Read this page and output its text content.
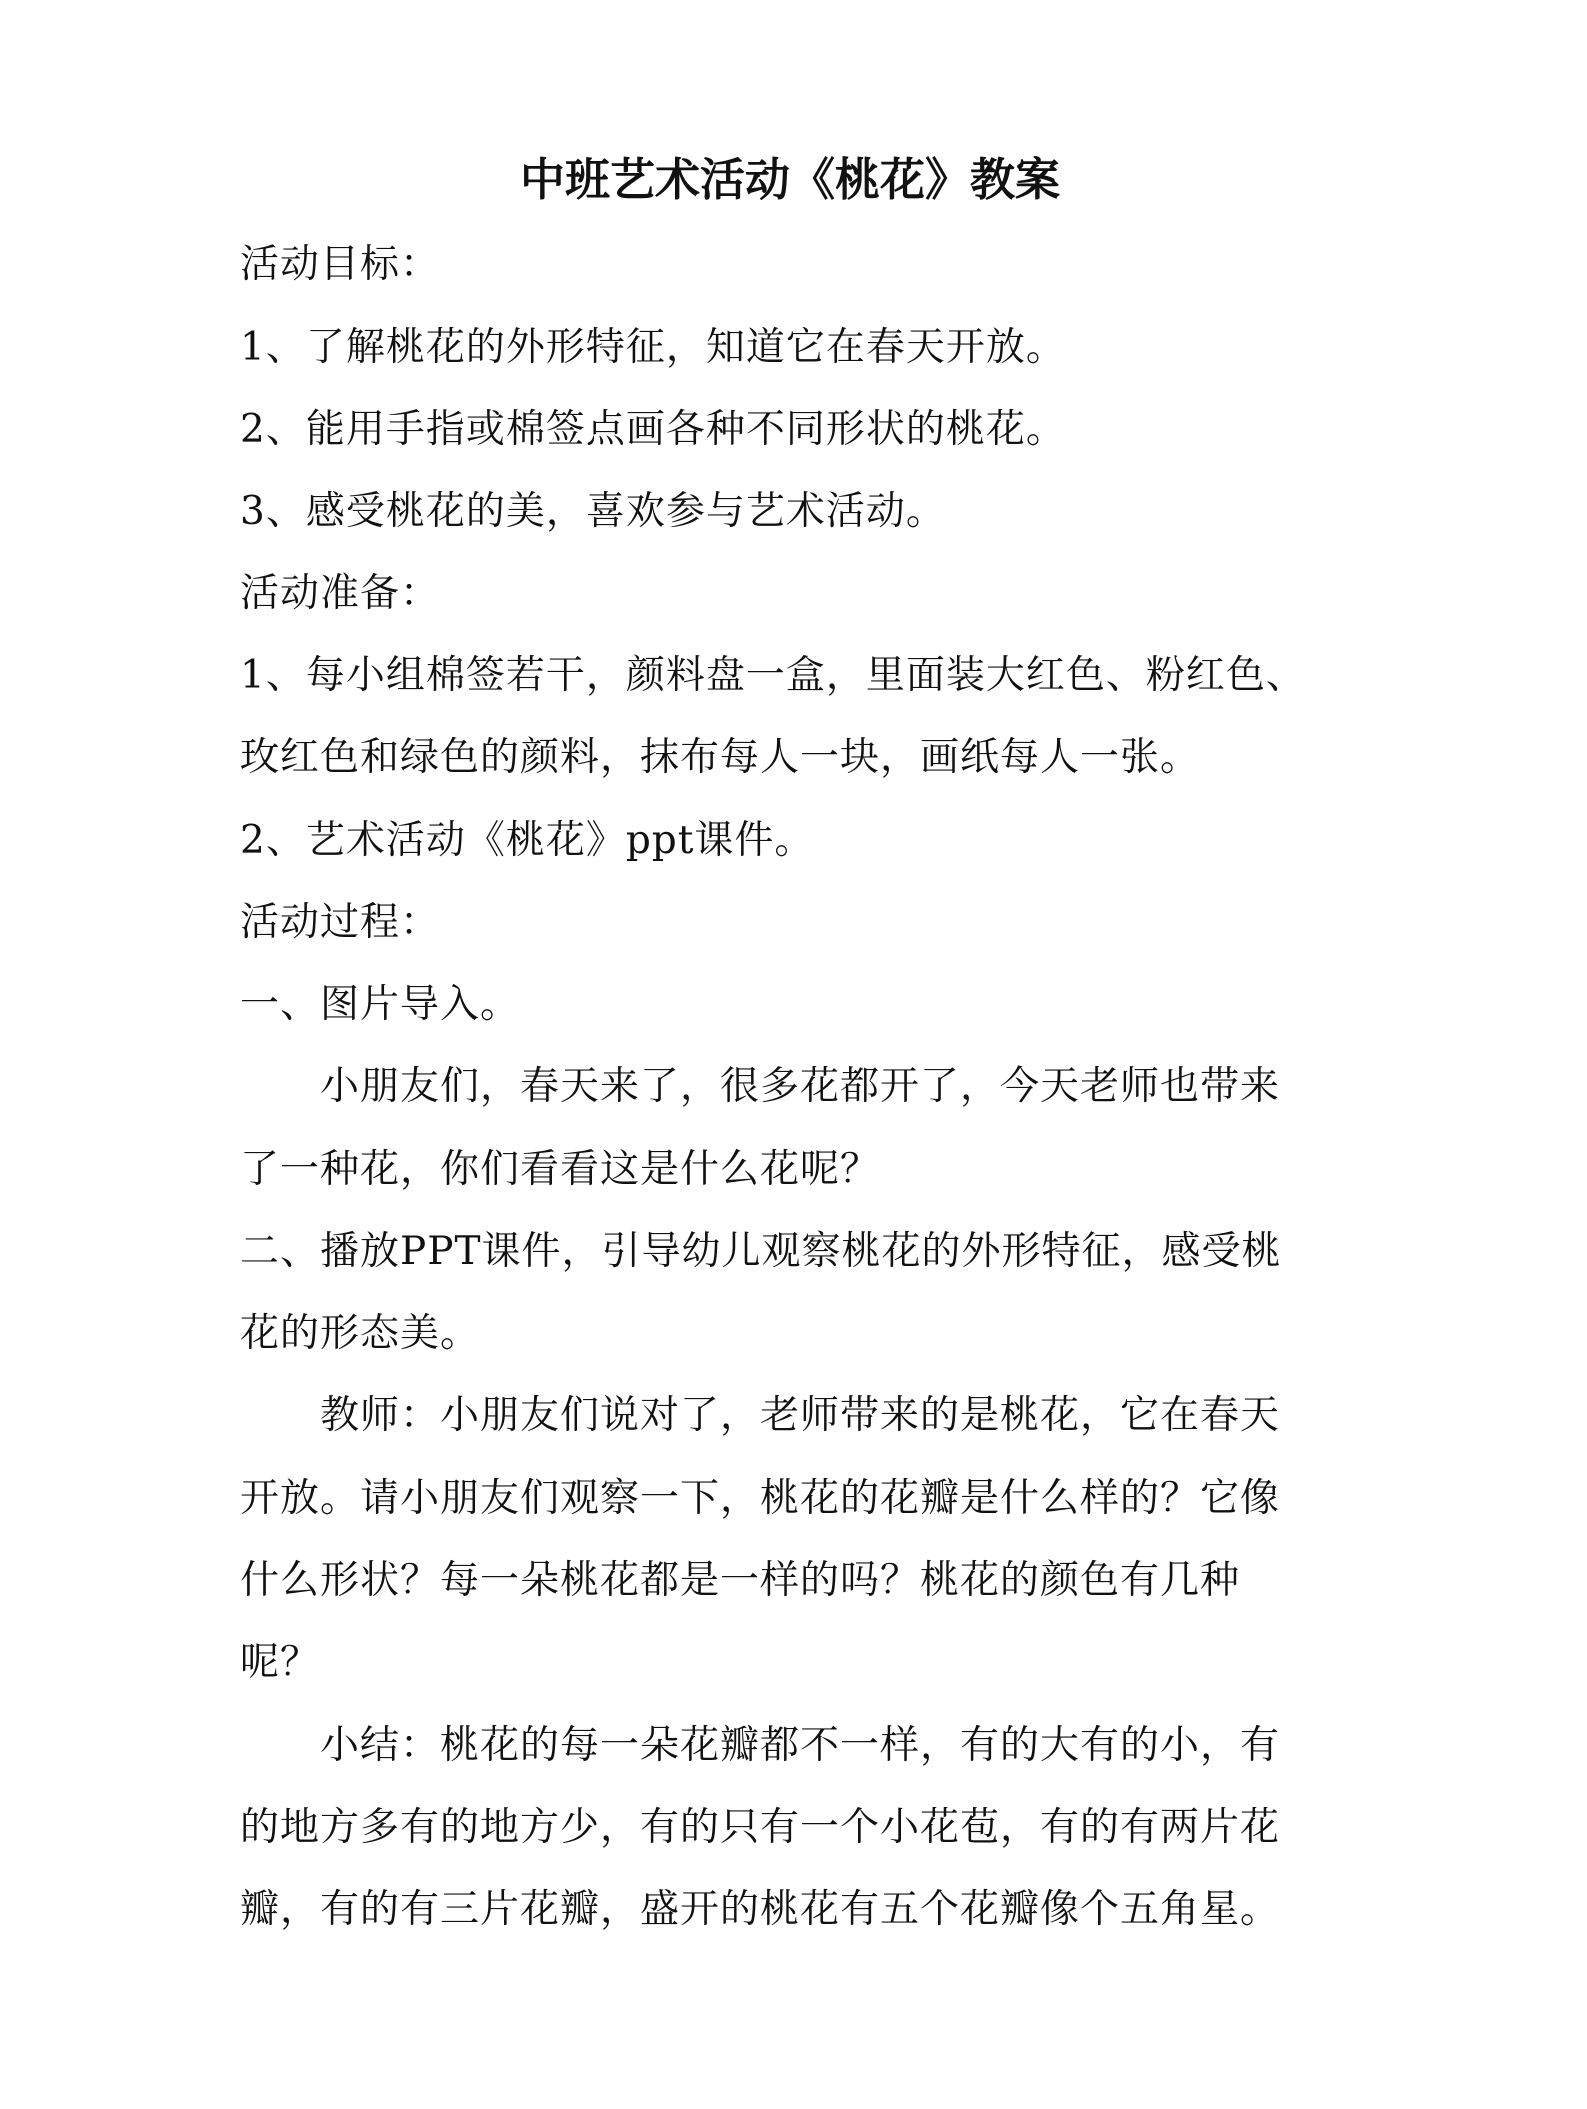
中班艺术活动《桃花》教案
活动目标：
1、了解桃花的外形特征，知道它在春天开放。
2、能用手指或棉签点画各种不同形状的桃花。
3、感受桃花的美，喜欢参与艺术活动。
活动准备：
1、每小组棉签若干，颜料盘一盒，里面装大红色、粉红色、
玫红色和绿色的颜料，抹布每人一块，画纸每人一张。
2、艺术活动《桃花》ppt课件。
活动过程：
一、图片导入。
　　小朋友们，春天来了，很多花都开了，今天老师也带来
了一种花，你们看看这是什么花呢？
二、播放PPT课件，引导幼儿观察桃花的外形特征，感受桃
花的形态美。
　　教师：小朋友们说对了，老师带来的是桃花，它在春天
开放。请小朋友们观察一下，桃花的花瓣是什么样的？它像
什么形状？每一朵桃花都是一样的吗？桃花的颜色有几种
呢？
　　小结：桃花的每一朵花瓣都不一样，有的大有的小，有
的地方多有的地方少，有的只有一个小花苞，有的有两片花
瓣，有的有三片花瓣，盛开的桃花有五个花瓣像个五角星。
